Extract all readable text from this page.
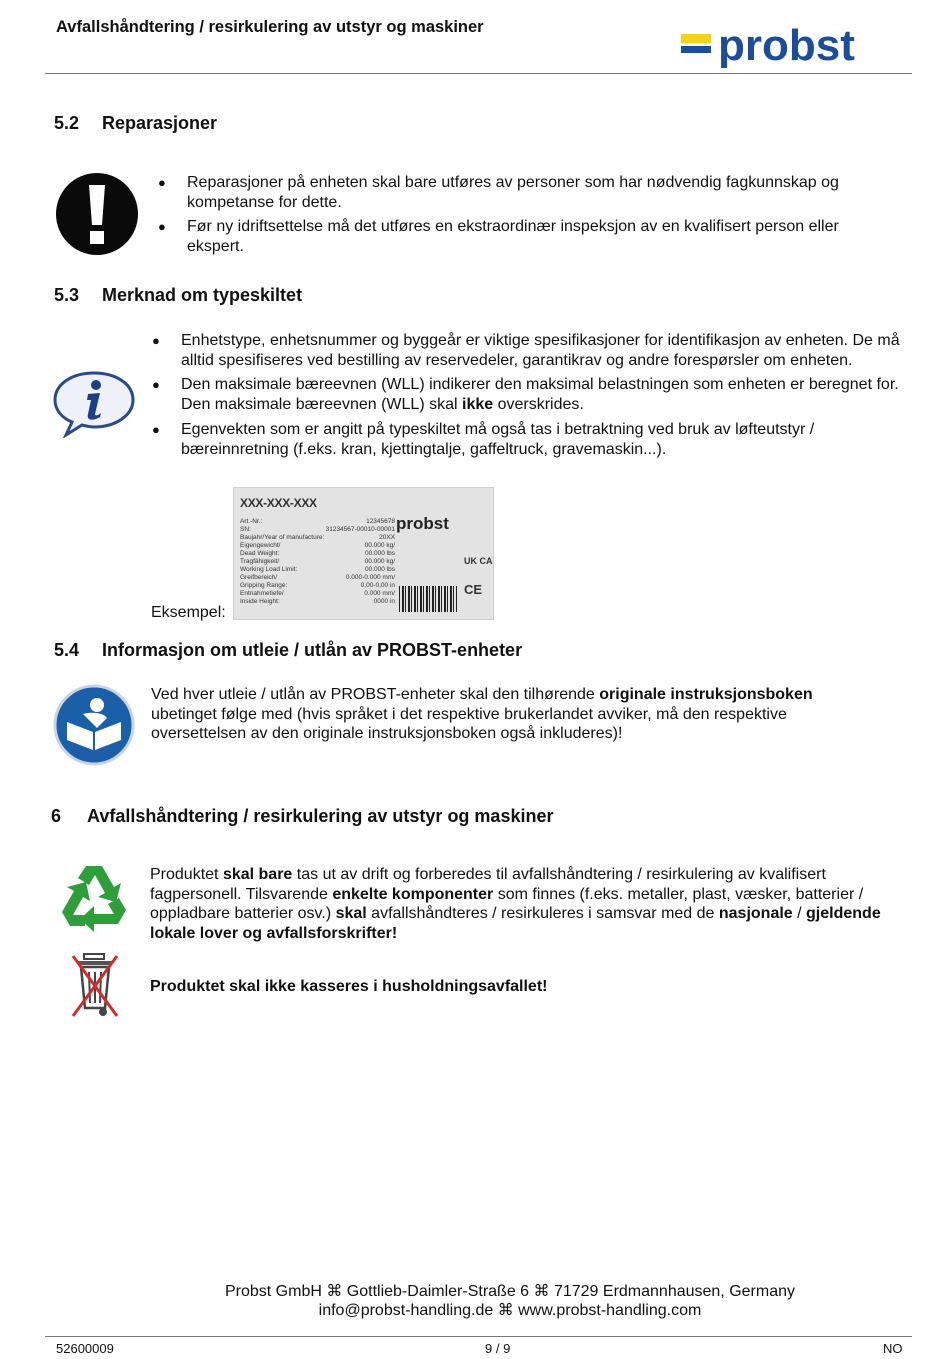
Avfallshåndtering / resirkulering av utstyr og maskiner	probst
5.2 Reparasjoner
● Reparasjoner på enheten skal bare utføres av personer som har nødvendig fagkunnskap og kompetanse for dette.
● Før ny idriftsettelse må det utføres en ekstraordinær inspeksjon av en kvalifisert person eller ekspert.
5.3 Merknad om typeskiltet
● Enhetstype, enhetsnummer og byggeår er viktige spesifikasjoner for identifikasjon av enheten. De må alltid spesifiseres ved bestilling av reservedeler, garantikrav og andre forespørsler om enheten.
● Den maksimale bæreevnen (WLL) indikerer den maksimal belastningen som enheten er beregnet for.
Den maksimale bæreevnen (WLL) skal ikke overskrides.
● Egenvekten som er angitt på typeskiltet må også tas i betraktning ved bruk av løfteutstyr / bæreinnretning (f.eks. kran, kjettingtalje, gaffeltruck, gravemaskin...).
Eksempel:
XXX-XXX-XXX
Art.-Nr.:	12345678
SN:	31234567-00010-00001
Baujahr/Year of manufacture:	20XX
Eigengewicht/	00.000 kg/
Dead Weight:	00.000 lbs
Tragfähigkeit/	00.000 kg/
Working Load Limit:	00.000 lbs
Greifbereich/	0.000-0.000 mm/
Gripping Range:	0,00-0,00 in
Entnahmetiefe/	0.000 mm/
Inside Height:	0000 in
probst
UK CA
CE
5.4 Informasjon om utleie / utlån av PROBST-enheter

Ved hver utleie / utlån av PROBST-enheter skal den tilhørende originale instruksjonsboken ubetinget følge med (hvis språket i det respektive brukerlandet avviker, må den respektive oversettelsen av den originale instruksjonsboken også inkluderes)!

6 Avfallshåndtering / resirkulering av utstyr og maskiner

Produktet skal bare tas ut av drift og forberedes til avfallshåndtering / resirkulering av kvalifisert fagpersonell. Tilsvarende enkelte komponenter som finnes (f.eks. metaller, plast, væsker, batterier / oppladbare batterier osv.) skal avfallshåndteres / resirkuleres i samsvar med de nasjonale / gjeldende lokale lover og avfallsforskrifter!

Produktet skal ikke kasseres i husholdningsavfallet!

Probst GmbH ⌘ Gottlieb-Daimler-Straße 6 ⌘ 71729 Erdmannhausen, Germany
info@probst-handling.de ⌘ www.probst-handling.com
52600009	9 / 9	NO
